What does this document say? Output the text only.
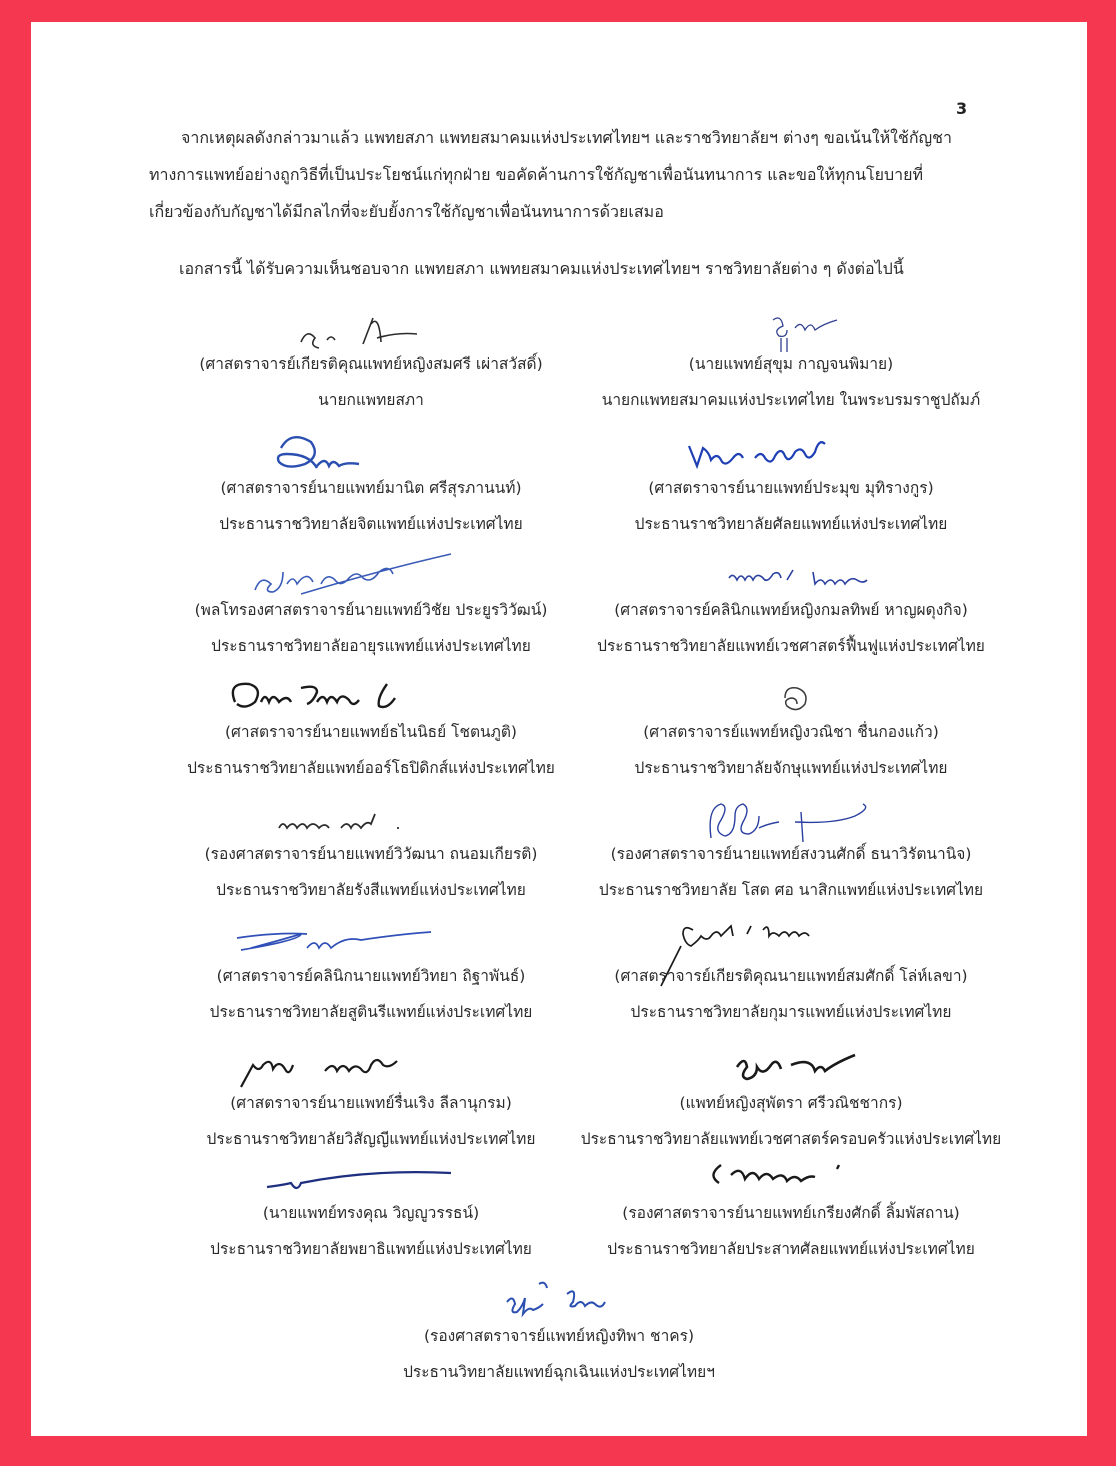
3

จากเหตุผลดังกล่าวมาแล้ว แพทยสภา แพทยสมาคมแห่งประเทศไทยฯ และราชวิทยาลัยฯ ต่างๆ ขอเน้นให้ใช้กัญชาทางการแพทย์อย่างถูกวิธีที่เป็นประโยชน์แก่ทุกฝ่าย ขอคัดค้านการใช้กัญชาเพื่อนันทนาการ และขอให้ทุกนโยบายที่เกี่ยวข้องกับกัญชาได้มีกลไกที่จะยับยั้งการใช้กัญชาเพื่อนันทนาการด้วยเสมอ

เอกสารนี้ ได้รับความเห็นชอบจาก แพทยสภา แพทยสมาคมแห่งประเทศไทยฯ ราชวิทยาลัยต่าง ๆ ดังต่อไปนี้

(ศาสตราจารย์เกียรติคุณแพทย์หญิงสมศรี เผ่าสวัสดิ์)
นายกแพทยสภา
(นายแพทย์สุขุม กาญจนพิมาย)
นายกแพทยสมาคมแห่งประเทศไทย ในพระบรมราชูปถัมภ์
(ศาสตราจารย์นายแพทย์มานิต ศรีสุรภานนท์)
ประธานราชวิทยาลัยจิตแพทย์แห่งประเทศไทย
(ศาสตราจารย์นายแพทย์ประมุข มุทิรางกูร)
ประธานราชวิทยาลัยศัลยแพทย์แห่งประเทศไทย
(พลโทรองศาสตราจารย์นายแพทย์วิชัย ประยูรวิวัฒน์)
ประธานราชวิทยาลัยอายุรแพทย์แห่งประเทศไทย
(ศาสตราจารย์คลินิกแพทย์หญิงกมลทิพย์ หาญผดุงกิจ)
ประธานราชวิทยาลัยแพทย์เวชศาสตร์ฟื้นฟูแห่งประเทศไทย
(ศาสตราจารย์นายแพทย์ธไนนิธย์ โชตนภูติ)
ประธานราชวิทยาลัยแพทย์ออร์โธปิดิกส์แห่งประเทศไทย
(ศาสตราจารย์แพทย์หญิงวณิชา ชื่นกองแก้ว)
ประธานราชวิทยาลัยจักษุแพทย์แห่งประเทศไทย
(รองศาสตราจารย์นายแพทย์วิวัฒนา ถนอมเกียรติ)
ประธานราชวิทยาลัยรังสีแพทย์แห่งประเทศไทย
(รองศาสตราจารย์นายแพทย์สงวนศักดิ์ ธนาวิรัตนานิจ)
ประธานราชวิทยาลัย โสต ศอ นาสิกแพทย์แห่งประเทศไทย
(ศาสตราจารย์คลินิกนายแพทย์วิทยา ถิฐาพันธ์)
ประธานราชวิทยาลัยสูตินรีแพทย์แห่งประเทศไทย
(ศาสตราจารย์เกียรติคุณนายแพทย์สมศักดิ์ โล่ห์เลขา)
ประธานราชวิทยาลัยกุมารแพทย์แห่งประเทศไทย
(ศาสตราจารย์นายแพทย์รื่นเริง ลีลานุกรม)
ประธานราชวิทยาลัยวิสัญญีแพทย์แห่งประเทศไทย
(แพทย์หญิงสุพัตรา ศรีวณิชชากร)
ประธานราชวิทยาลัยแพทย์เวชศาสตร์ครอบครัวแห่งประเทศไทย
(นายแพทย์ทรงคุณ วิญญูวรรธน์)
ประธานราชวิทยาลัยพยาธิแพทย์แห่งประเทศไทย
(รองศาสตราจารย์นายแพทย์เกรียงศักดิ์ ลิ้มพัสถาน)
ประธานราชวิทยาลัยประสาทศัลยแพทย์แห่งประเทศไทย
(รองศาสตราจารย์แพทย์หญิงทิพา ชาคร)
ประธานวิทยาลัยแพทย์ฉุกเฉินแห่งประเทศไทยฯ
